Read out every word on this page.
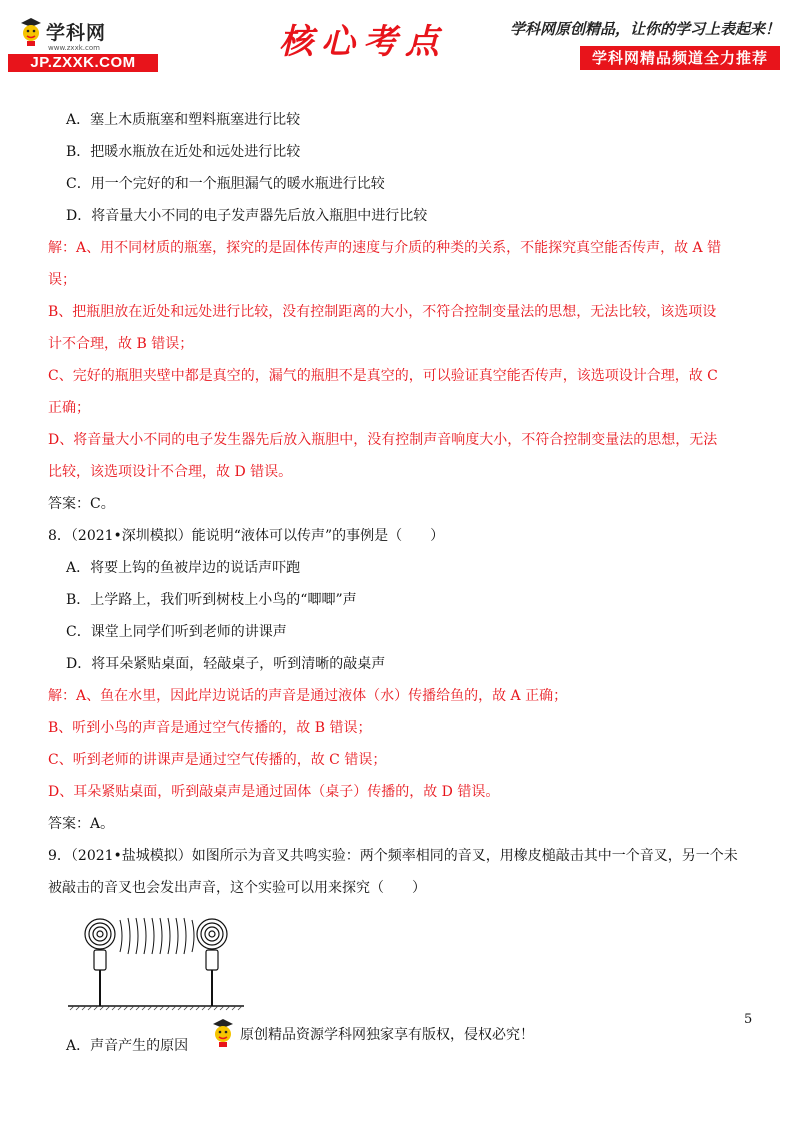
学科网
www.zxxk.com
JP.ZXXK.COM
核心考点	学科网原创精品，让你的学习上表起来！
学科网精品频道全力推荐
A．塞上木质瓶塞和塑料瓶塞进行比较
B．把暖水瓶放在近处和远处进行比较
C．用一个完好的和一个瓶胆漏气的暖水瓶进行比较
D．将音量大小不同的电子发声器先后放入瓶胆中进行比较
解：A、用不同材质的瓶塞，探究的是固体传声的速度与介质的种类的关系，不能探究真空能否传声，故 A 错
误；
B、把瓶胆放在近处和远处进行比较，没有控制距离的大小，不符合控制变量法的思想，无法比较，该选项设
计不合理，故 B 错误；
C、完好的瓶胆夹壁中都是真空的，漏气的瓶胆不是真空的，可以验证真空能否传声，该选项设计合理，故 C
正确；
D、将音量大小不同的电子发生器先后放入瓶胆中，没有控制声音响度大小，不符合控制变量法的思想，无法
比较，该选项设计不合理，故 D 错误。
答案：C。
8．（2021•深圳模拟）能说明“液体可以传声”的事例是（　　）
A．将要上钩的鱼被岸边的说话声吓跑
B．上学路上，我们听到树枝上小鸟的“唧唧”声
C．课堂上同学们听到老师的讲课声
D．将耳朵紧贴桌面，轻敲桌子，听到清晰的敲桌声
解：A、鱼在水里，因此岸边说话的声音是通过液体（水）传播给鱼的，故 A 正确；
B、听到小鸟的声音是通过空气传播的，故 B 错误；
C、听到老师的讲课声是通过空气传播的，故 C 错误；
D、耳朵紧贴桌面，听到敲桌声是通过固体（桌子）传播的，故 D 错误。
答案：A。
9．（2021•盐城模拟）如图所示为音叉共鸣实验：两个频率相同的音叉，用橡皮槌敲击其中一个音叉，另一个未
被敲击的音叉也会发出声音，这个实验可以用来探究（　　）
A．声音产生的原因
原创精品资源学科网独家享有版权，侵权必究！
5
